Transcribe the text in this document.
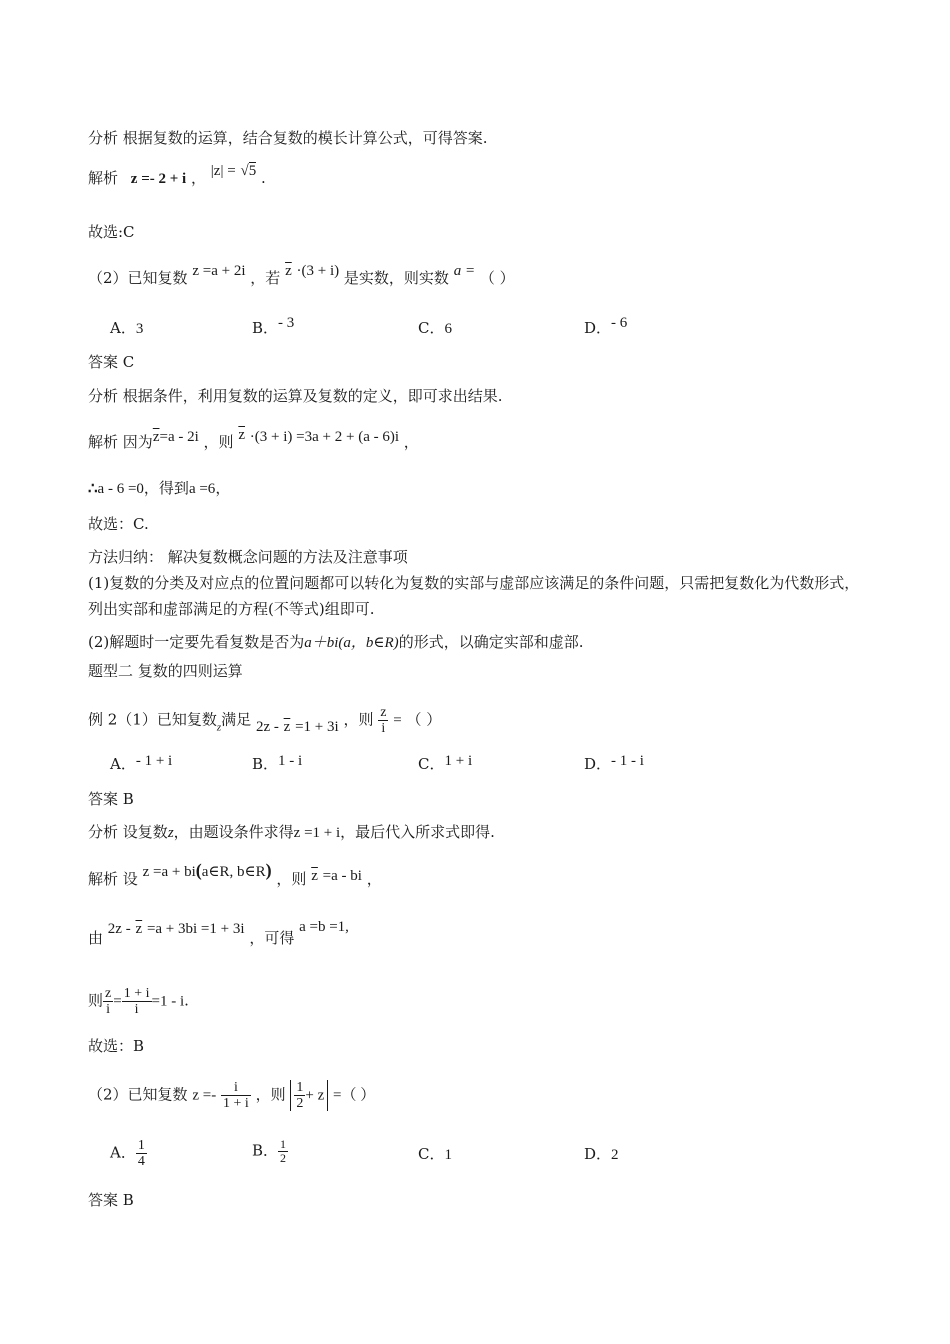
分析 根据复数的运算，结合复数的模长计算公式，可得答案.
解析 z =- 2 + i ， |z| = √5 .
故选:C
（2）已知复数 z =a + 2i ，若 $\overline{z} \cdot(3 + i)$ 是实数，则实数 a = （ ）
A．3	B．- 3	C．6	D．- 6
答案 C
分析 根据条件，利用复数的运算及复数的定义，即可求出结果.
解析 因为$\overline{z}=a - 2i$ ，则 $\overline{z} \cdot(3 + i) =3a + 2 + (a - 6)i$ ，
∴a - 6 =0，得到a =6，
故选：C.
方法归纳： 解决复数概念问题的方法及注意事项
(1)复数的分类及对应点的位置问题都可以转化为复数的实部与虚部应该满足的条件问题，只需把复数化为代数形式，列出实部和虚部满足的方程(不等式)组即可.
(2)解题时一定要先看复数是否为a＋bi(a，b∈R)的形式，以确定实部和虚部.
题型二 复数的四则运算
例 2（1）已知复数$_z$满足 $2z - \overline{z} =1 + 3i$ ，则 $\frac{z}{i}$ = （ ）
A．- 1 + i	B．1 - i	C．1 + i	D．- 1 - i
答案 B
分析 设复数z，由题设条件求得z =1 + i，最后代入所求式即得.
解析 设 z =a + bi(a∈R, b∈R) ，则 $\overline{z} =a$ - bi ，
由 $2z - \overline{z} =a + 3bi =1 + 3i$ ，可得 a =b =1,
则 $\frac{z}{i} = \frac{1 + i}{i} =1 - i$.
故选：B
（2）已知复数 $z =- \frac{i}{1 + i}$ ，则 $\frac{1}{2} + z$ =（ ）
A． $\frac{1}{4}$	B． $\frac{1}{2}$	C．1	D．2
答案 B
